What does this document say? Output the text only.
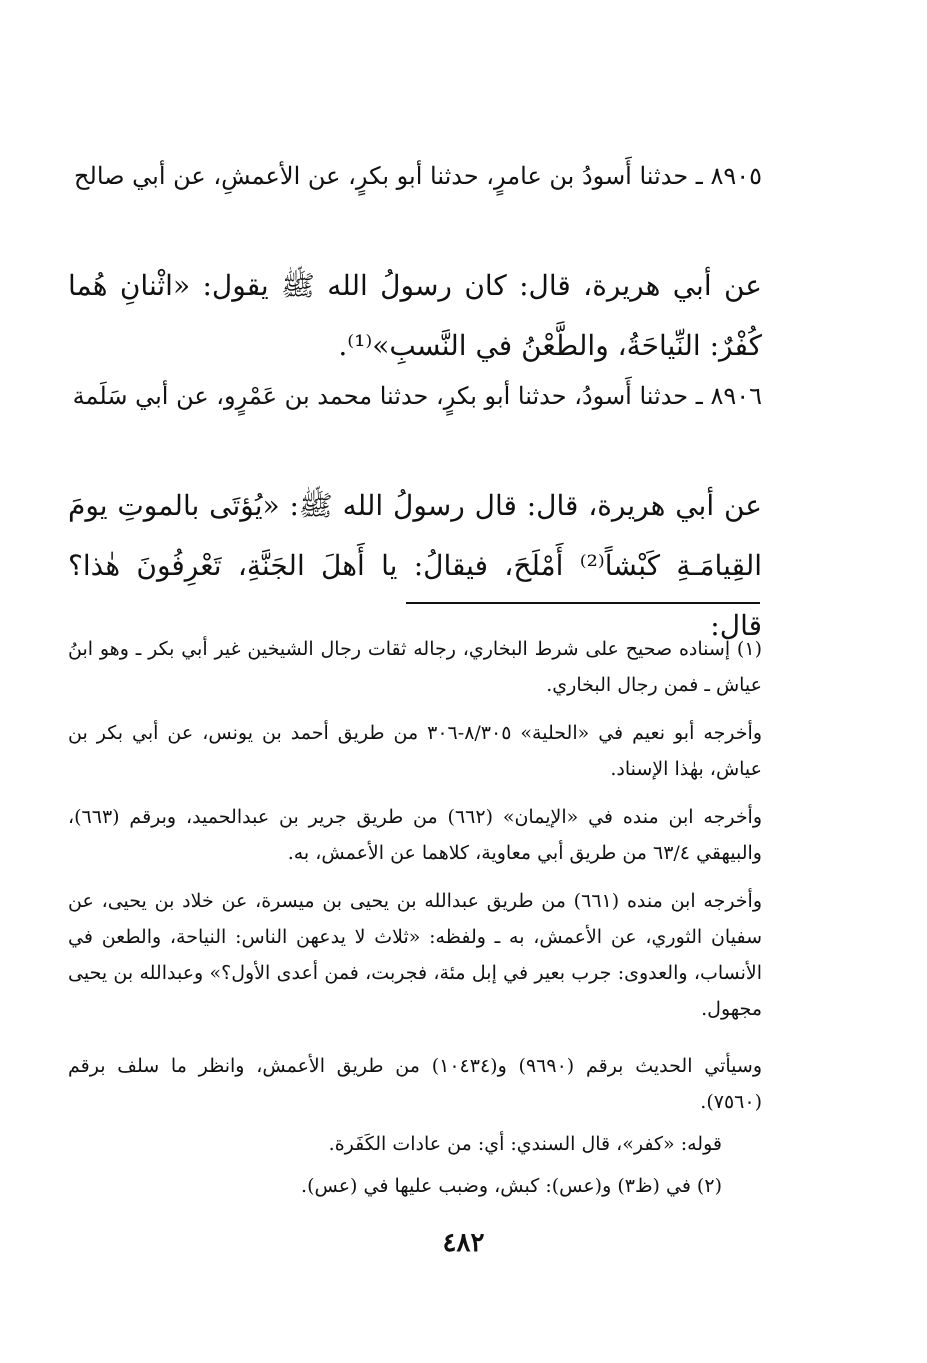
٨٩٠٥ ـ حدثنا أَسودُ بن عامرٍ، حدثنا أبو بكرٍ، عن الأعمشِ، عن أبي صالح

عن أبي هريرة، قال: كان رسولُ الله ﷺ يقول: «اثْنانِ هُما كُفْرٌ: النِّياحَةُ، والطَّعْنُ في النَّسبِ»⁽¹⁾.

٨٩٠٦ ـ حدثنا أَسودُ، حدثنا أبو بكرٍ، حدثنا محمد بن عَمْرٍو، عن أبي سَلَمة

عن أبي هريرة، قال: قال رسولُ الله ﷺ: «يُؤتَى بالموتِ يومَ القِيامَـةِ كَبْشاً⁽²⁾ أَمْلَحَ، فيقالُ: يا أَهلَ الجَنَّةِ، تَعْرِفُونَ هٰذا؟ قال:

(١) إسناده صحيح على شرط البخاري، رجاله ثقات رجال الشيخين غير أبي بكر ـ وهو ابنُ عياش ـ فمن رجال البخاري.

وأخرجه أبو نعيم في «الحلية» ٨/٣٠٥-٣٠٦ من طريق أحمد بن يونس، عن أبي بكر بن عياش، بهٰذا الإسناد.

وأخرجه ابن منده في «الإيمان» (٦٦٢) من طريق جرير بن عبدالحميد، وبرقم (٦٦٣)، والبيهقي ٦٣/٤ من طريق أبي معاوية، كلاهما عن الأعمش، به.

وأخرجه ابن منده (٦٦١) من طريق عبدالله بن يحيى بن ميسرة، عن خلاد بن يحيى، عن سفيان الثوري، عن الأعمش، به ـ ولفظه: «ثلاث لا يدعهن الناس: النياحة، والطعن في الأنساب، والعدوى: جرب بعير في إبل مئة، فجربت، فمن أعدى الأول؟» وعبدالله بن يحيى مجهول.

وسيأتي الحديث برقم (٩٦٩٠) و(١٠٤٣٤) من طريق الأعمش، وانظر ما سلف برقم (٧٥٦٠).

قوله: «كفر»، قال السندي: أي: من عادات الكَفَرة.

(٢) في (ظ٣) و(عس): كبش، وضبب عليها في (عس).

٤٨٢
